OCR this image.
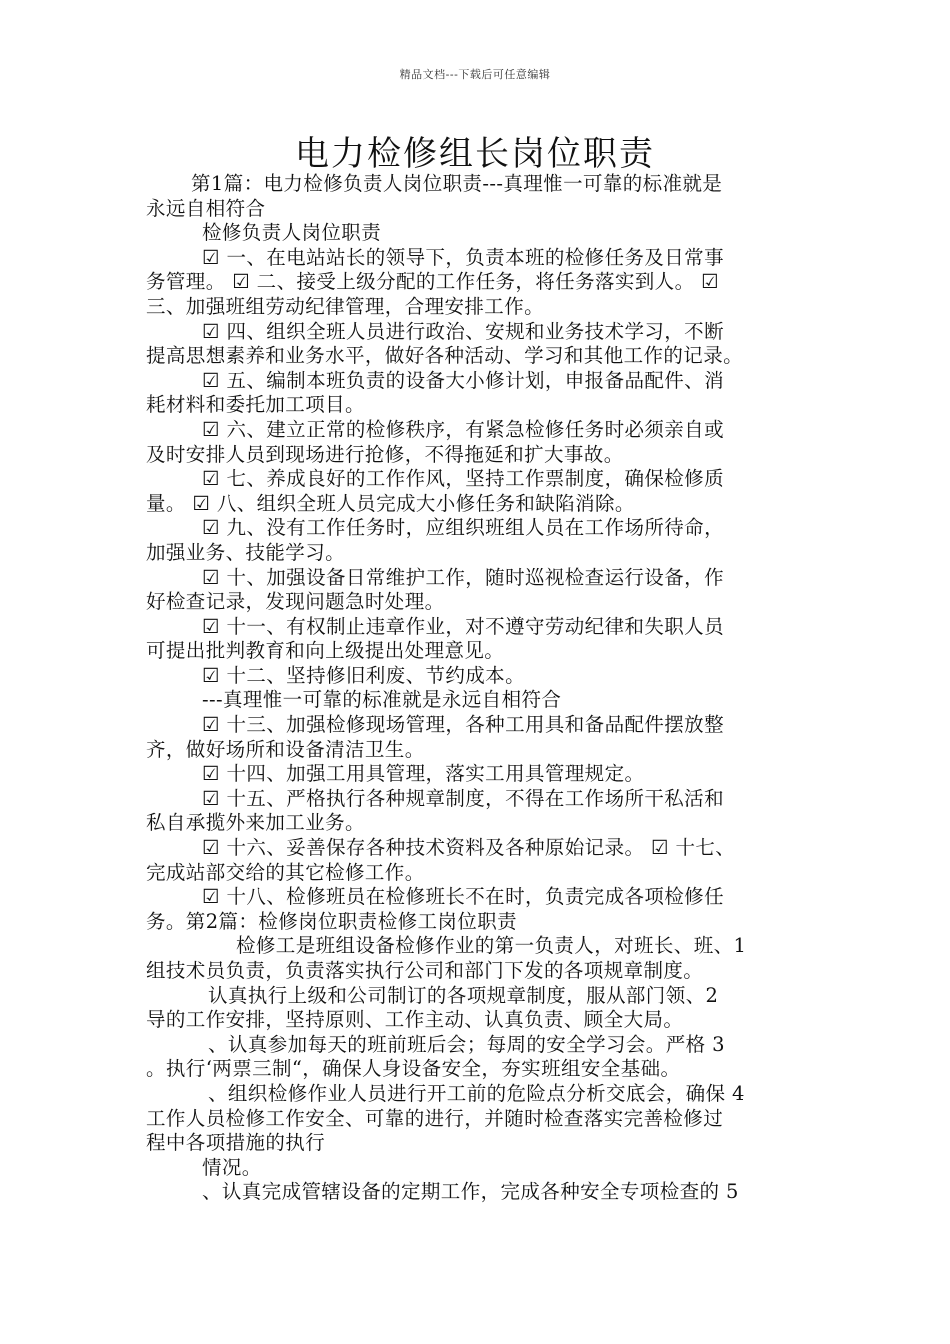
精品文档---下载后可任意编辑
电力检修组长岗位职责

第1篇：电力检修负责人岗位职责---真理惟一可靠的标准就是

永远自相符合

检修负责人岗位职责

☑ 一、在电站站长的领导下，负责本班的检修任务及日常事

务管理。 ☑ 二、接受上级分配的工作任务，将任务落实到人。 ☑

三、加强班组劳动纪律管理，合理安排工作。

☑ 四、组织全班人员进行政治、安规和业务技术学习，不断

提高思想素养和业务水平，做好各种活动、学习和其他工作的记录。

☑ 五、编制本班负责的设备大小修计划，申报备品配件、消

耗材料和委托加工项目。

☑ 六、建立正常的检修秩序，有紧急检修任务时必须亲自或

及时安排人员到现场进行抢修，不得拖延和扩大事故。

☑ 七、养成良好的工作作风，坚持工作票制度，确保检修质

量。 ☑ 八、组织全班人员完成大小修任务和缺陷消除。

☑ 九、没有工作任务时，应组织班组人员在工作场所待命，

加强业务、技能学习。

☑ 十、加强设备日常维护工作，随时巡视检查运行设备，作

好检查记录，发现问题急时处理。

☑ 十一、有权制止违章作业，对不遵守劳动纪律和失职人员

可提出批判教育和向上级提出处理意见。

☑ 十二、坚持修旧利废、节约成本。

---真理惟一可靠的标准就是永远自相符合

☑ 十三、加强检修现场管理，各种工用具和备品配件摆放整

齐，做好场所和设备清洁卫生。

☑ 十四、加强工用具管理，落实工用具管理规定。

☑ 十五、严格执行各种规章制度，不得在工作场所干私活和

私自承揽外来加工业务。

☑ 十六、妥善保存各种技术资料及各种原始记录。 ☑ 十七、

完成站部交给的其它检修工作。

☑ 十八、检修班员在检修班长不在时，负责完成各项检修任

务。第2篇：检修岗位职责检修工岗位职责

检修工是班组设备检修作业的第一负责人，对班长、班、1

组技术员负责，负责落实执行公司和部门下发的各项规章制度。

认真执行上级和公司制订的各项规章制度，服从部门领、2

导的工作安排，坚持原则、工作主动、认真负责、顾全大局。

、认真参加每天的班前班后会；每周的安全学习会。严格 3

。执行‘两票三制“，确保人身设备安全，夯实班组安全基础。

、组织检修作业人员进行开工前的危险点分析交底会，确保 4

工作人员检修工作安全、可靠的进行，并随时检查落实完善检修过

程中各项措施的执行

情况。

、认真完成管辖设备的定期工作，完成各种安全专项检查的 5
